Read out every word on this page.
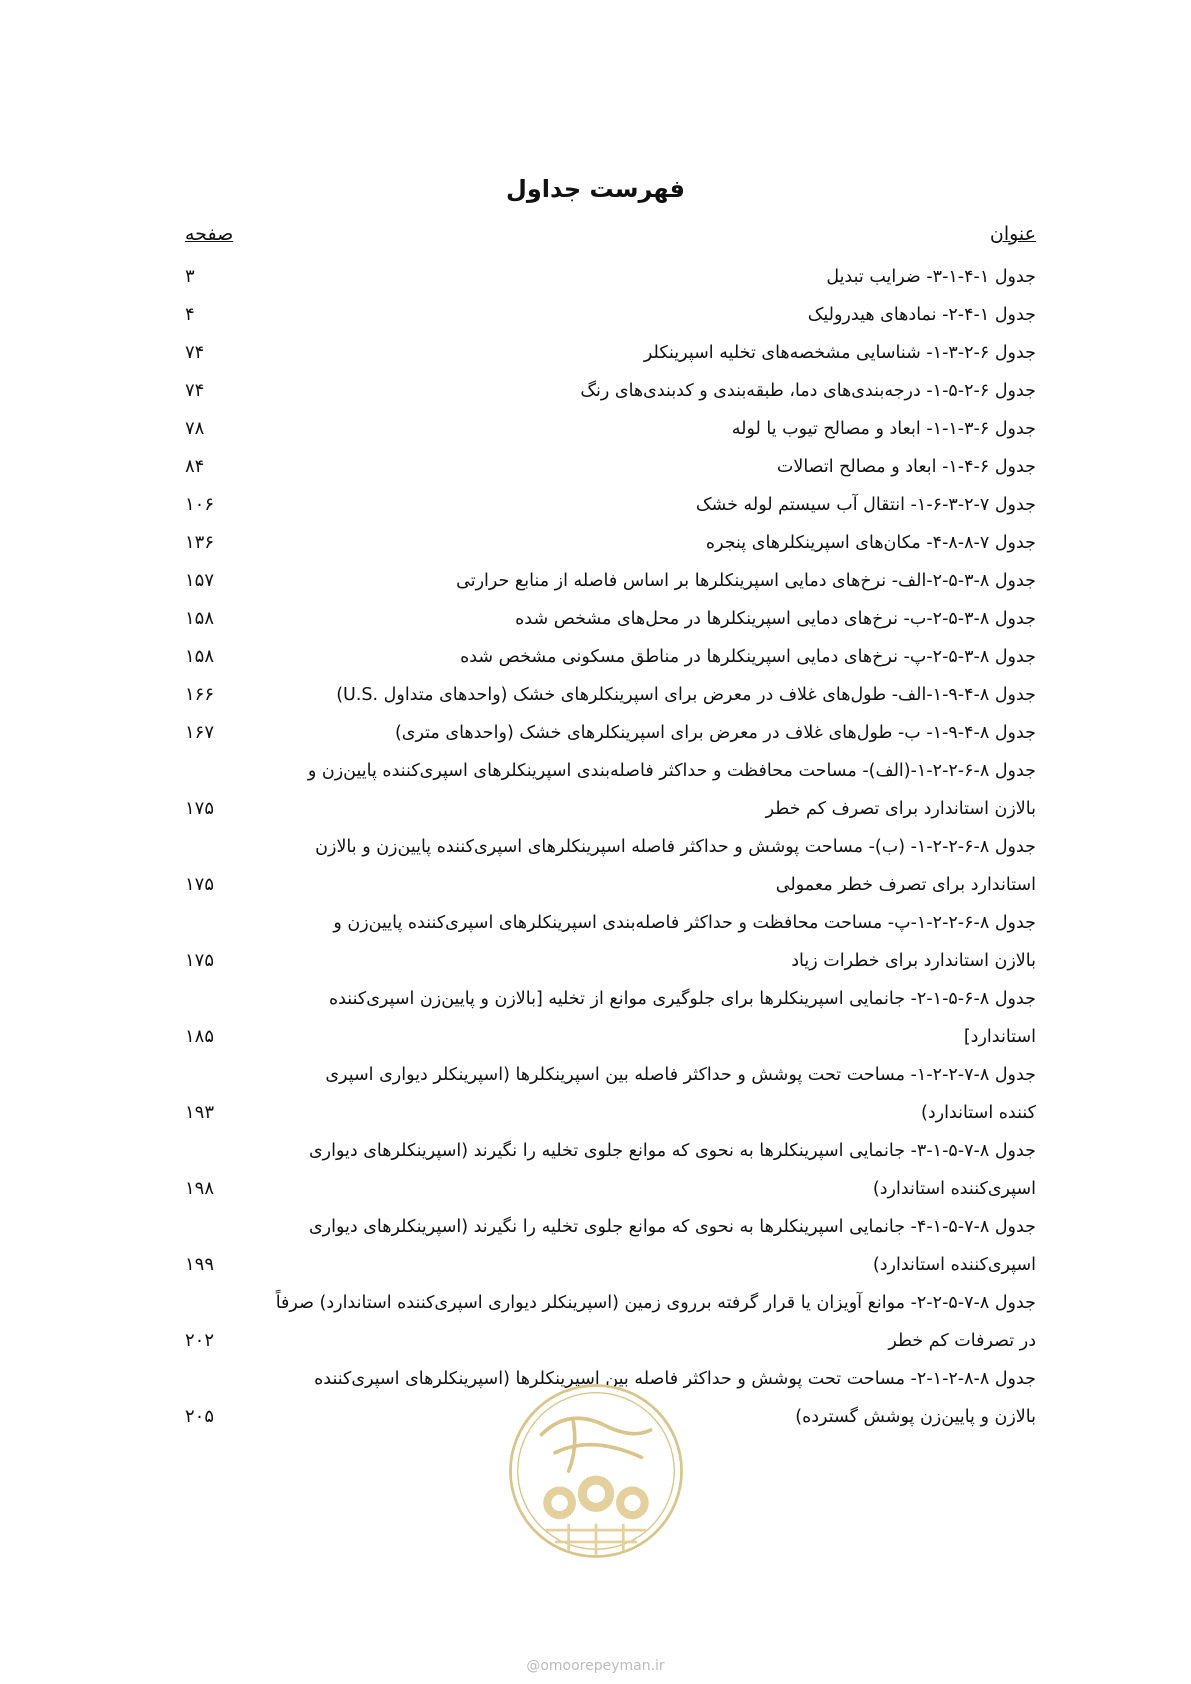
فهرست جداول
عنوان
صفحه
جدول ۱-۴-۱-۳- ضرایب تبدیل
۳
جدول ۱-۴-۲- نمادهای هیدرولیک
۴
جدول ۶-۲-۳-۱- شناسایی مشخصه‌های تخلیه اسپرینکلر
۷۴
جدول ۶-۲-۵-۱- درجه‌بندی‌های دما، طبقه‌بندی و کدبندی‌های رنگ
۷۴
جدول ۶-۳-۱-۱- ابعاد و مصالح تیوب یا لوله
۷۸
جدول ۶-۴-۱- ابعاد و مصالح اتصالات
۸۴
جدول ۷-۲-۳-۶-۱- انتقال آب سیستم لوله خشک
۱۰۶
جدول ۷-۸-۸-۴- مکان‌های اسپرینکلرهای پنجره
۱۳۶
جدول ۸-۳-۵-۲-الف- نرخ‌های دمایی اسپرینکلرها بر اساس فاصله از منابع حرارتی
۱۵۷
جدول ۸-۳-۵-۲-ب- نرخ‌های دمایی اسپرینکلرها در محل‌های مشخص شده
۱۵۸
جدول ۸-۳-۵-۲-پ- نرخ‌های دمایی اسپرینکلرها در مناطق مسکونی مشخص شده
۱۵۸
جدول ۸-۴-۹-۱-الف- طول‌های غلاف در معرض برای اسپرینکلرهای خشک (واحدهای متداول .U.S)
۱۶۶
جدول ۸-۴-۹-۱- ب- طول‌های غلاف در معرض برای اسپرینکلرهای خشک (واحدهای متری)
۱۶۷
جدول ۸-۶-۲-۲-۱-(الف)- مساحت محافظت و حداکثر فاصله‌بندی اسپرینکلرهای اسپری‌کننده پایین‌زن و
بالازن استاندارد برای تصرف کم خطر
۱۷۵
جدول ۸-۶-۲-۲-۱- (ب)- مساحت پوشش و حداکثر فاصله اسپرینکلرهای اسپری‌کننده پایین‌زن و بالازن
استاندارد برای تصرف خطر معمولی
۱۷۵
جدول ۸-۶-۲-۲-۱-پ- مساحت محافظت و حداکثر فاصله‌بندی اسپرینکلرهای اسپری‌کننده پایین‌زن و
بالازن استاندارد برای خطرات زیاد
۱۷۵
جدول ۸-۶-۵-۱-۲- جانمایی اسپرینکلرها برای جلوگیری موانع از تخلیه [بالازن و پایین‌زن اسپری‌کننده
استاندارد]
۱۸۵
جدول ۸-۷-۲-۲-۱- مساحت تحت پوشش و حداکثر فاصله بین اسپرینکلرها (اسپرینکلر دیواری اسپری
کننده استاندارد)
۱۹۳
جدول ۸-۷-۵-۱-۳- جانمایی اسپرینکلرها به نحوی که موانع جلوی تخلیه را نگیرند (اسپرینکلرهای دیواری
اسپری‌کننده استاندارد)
۱۹۸
جدول ۸-۷-۵-۱-۴- جانمایی اسپرینکلرها به نحوی که موانع جلوی تخلیه را نگیرند (اسپرینکلرهای دیواری
اسپری‌کننده استاندارد)
۱۹۹
جدول ۸-۷-۵-۲-۲- موانع آویزان یا قرار گرفته برروی زمین (اسپرینکلر دیواری اسپری‌کننده استاندارد) صرفاً
در تصرفات کم خطر
۲۰۲
جدول ۸-۸-۲-۱-۲- مساحت تحت پوشش و حداکثر فاصله بین اسپرینکلرها (اسپرینکلرهای اسپری‌کننده
بالازن و پایین‌زن پوشش گسترده)
۲۰۵
@omoorepeyman.ir
